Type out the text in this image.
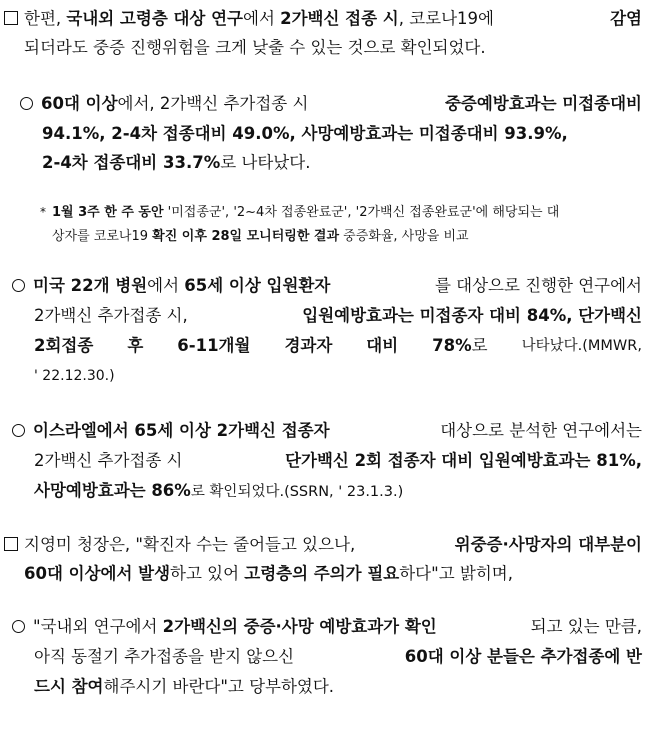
한편, 국내외 고령층 대상 연구에서 2가백신 접종 시, 코로나19에	감염
되더라도 중증 진행위험을 크게 낮출 수 있는 것으로 확인되었다.
60대 이상에서, 2가백신 추가접종 시	중증예방효과는 미접종대비
94.1%, 2-4차 접종대비 49.0%, 사망예방효과는 미접종대비 93.9%,
2-4차 접종대비 33.7%로 나타났다.
* 1월 3주 한 주 동안 '미접종군', '2~4차 접종완료군', '2가백신 접종완료군'에 해당되는 대
상자를 코로나19 확진 이후 28일 모니터링한 결과 중증화율, 사망을 비교
미국 22개 병원에서 65세 이상 입원환자	를 대상으로 진행한 연구에서
2가백신 추가접종 시,	입원예방효과는 미접종자 대비 84%, 단가백신
2회접종 후 6-11개월 경과자 대비 78%로 나타났다.(MMWR,
' 22.12.30.)
이스라엘에서 65세 이상 2가백신 접종자	대상으로 분석한 연구에서는
2가백신 추가접종 시	단가백신 2회 접종자 대비 입원예방효과는 81%,
사망예방효과는 86%로 확인되었다.(SSRN, ' 23.1.3.)
지영미 청장은, "확진자 수는 줄어들고 있으나,	위중증·사망자의 대부분이
60대 이상에서 발생하고 있어 고령층의 주의가 필요하다"고 밝히며,
"국내외 연구에서 2가백신의 중증·사망 예방효과가 확인	되고 있는 만큼,
아직 동절기 추가접종을 받지 않으신	60대 이상 분들은 추가접종에 반
드시 참여해주시기 바란다"고 당부하였다.
